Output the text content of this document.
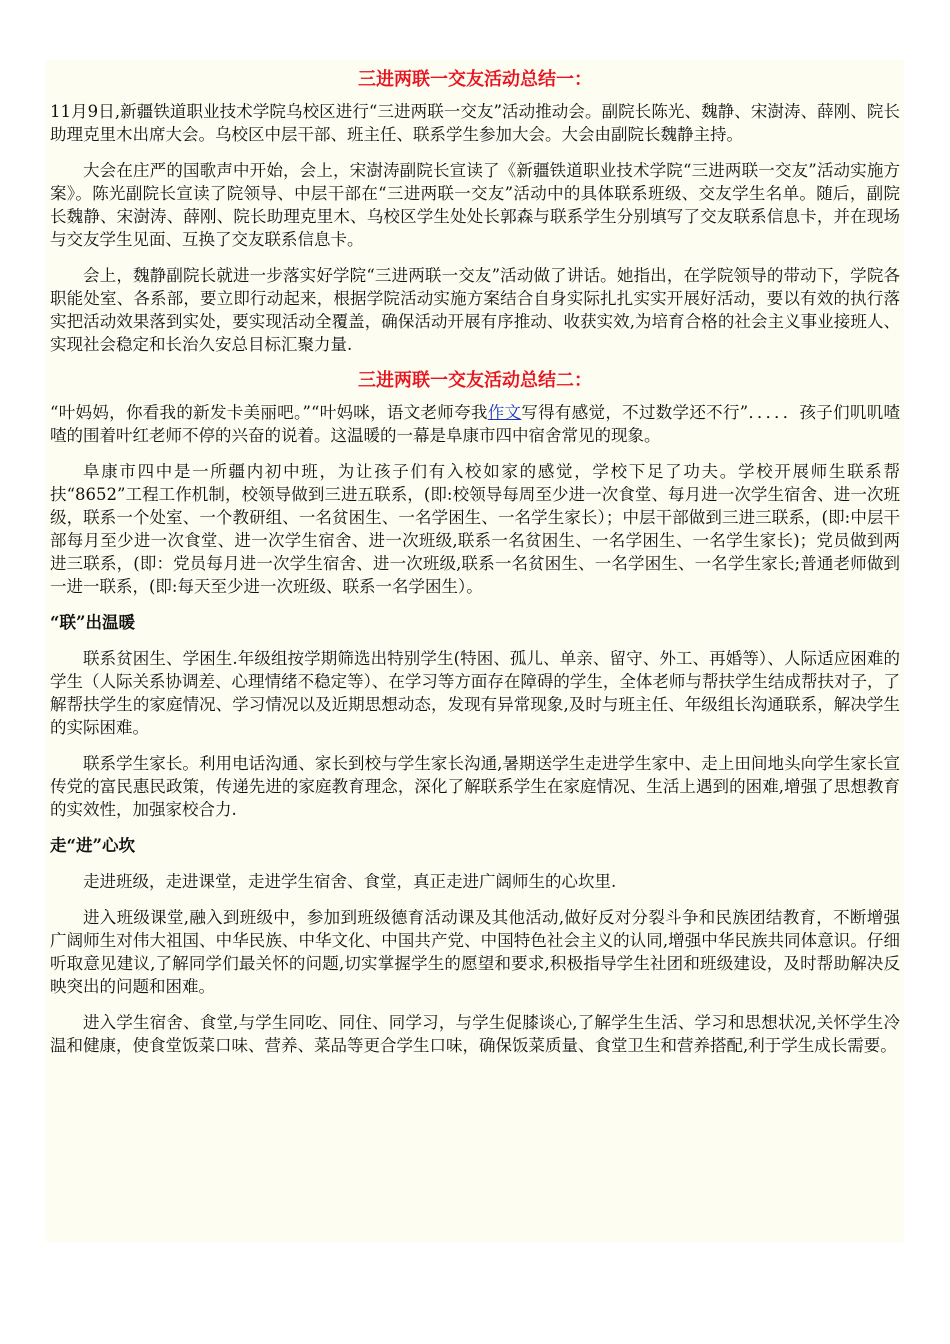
三进两联一交友活动总结一：

11月9日,新疆铁道职业技术学院乌校区进行“三进两联一交友”活动推动会。副院长陈光、魏静、宋澍涛、薛刚、院长助理克里木出席大会。乌校区中层干部、班主任、联系学生参加大会。大会由副院长魏静主持。

大会在庄严的国歌声中开始，会上，宋澍涛副院长宣读了《新疆铁道职业技术学院“三进两联一交友”活动实施方案》。陈光副院长宣读了院领导、中层干部在“三进两联一交友”活动中的具体联系班级、交友学生名单。随后，副院长魏静、宋澍涛、薛刚、院长助理克里木、乌校区学生处处长郭森与联系学生分别填写了交友联系信息卡，并在现场与交友学生见面、互换了交友联系信息卡。

会上，魏静副院长就进一步落实好学院“三进两联一交友”活动做了讲话。她指出，在学院领导的带动下，学院各职能处室、各系部，要立即行动起来，根据学院活动实施方案结合自身实际扎扎实实开展好活动，要以有效的执行落实把活动效果落到实处，要实现活动全覆盖，确保活动开展有序推动、收获实效,为培育合格的社会主义事业接班人、实现社会稳定和长治久安总目标汇聚力量.

三进两联一交友活动总结二：

“叶妈妈，你看我的新发卡美丽吧。”“叶妈咪，语文老师夸我作文写得有感觉，不过数学还不行”．．．．．孩子们叽叽喳喳的围着叶红老师不停的兴奋的说着。这温暖的一幕是阜康市四中宿舍常见的现象。

阜康市四中是一所疆内初中班，为让孩子们有入校如家的感觉，学校下足了功夫。学校开展师生联系帮扶“8652”工程工作机制，校领导做到三进五联系，(即:校领导每周至少进一次食堂、每月进一次学生宿舍、进一次班级，联系一个处室、一个教研组、一名贫困生、一名学困生、一名学生家长）；中层干部做到三进三联系，(即:中层干部每月至少进一次食堂、进一次学生宿舍、进一次班级,联系一名贫困生、一名学困生、一名学生家长)；党员做到两进三联系，(即：党员每月进一次学生宿舍、进一次班级,联系一名贫困生、一名学困生、一名学生家长;普通老师做到一进一联系，(即:每天至少进一次班级、联系一名学困生）。

“联”出温暖

联系贫困生、学困生.年级组按学期筛选出特别学生(特困、孤儿、单亲、留守、外工、再婚等）、人际适应困难的学生（人际关系协调差、心理情绪不稳定等）、在学习等方面存在障碍的学生，全体老师与帮扶学生结成帮扶对子，了解帮扶学生的家庭情况、学习情况以及近期思想动态，发现有异常现象,及时与班主任、年级组长沟通联系，解决学生的实际困难。

联系学生家长。利用电话沟通、家长到校与学生家长沟通,暑期送学生走进学生家中、走上田间地头向学生家长宣传党的富民惠民政策，传递先进的家庭教育理念，深化了解联系学生在家庭情况、生活上遇到的困难,增强了思想教育的实效性，加强家校合力.

走“进”心坎

走进班级，走进课堂，走进学生宿舍、食堂，真正走进广阔师生的心坎里.

进入班级课堂,融入到班级中，参加到班级德育活动课及其他活动,做好反对分裂斗争和民族团结教育，不断增强广阔师生对伟大祖国、中华民族、中华文化、中国共产党、中国特色社会主义的认同,增强中华民族共同体意识。仔细听取意见建议,了解同学们最关怀的问题,切实掌握学生的愿望和要求,积极指导学生社团和班级建设，及时帮助解决反映突出的问题和困难。

进入学生宿舍、食堂,与学生同吃、同住、同学习，与学生促膝谈心,了解学生生活、学习和思想状况,关怀学生冷温和健康，使食堂饭菜口味、营养、菜品等更合学生口味，确保饭菜质量、食堂卫生和营养搭配,利于学生成长需要。
